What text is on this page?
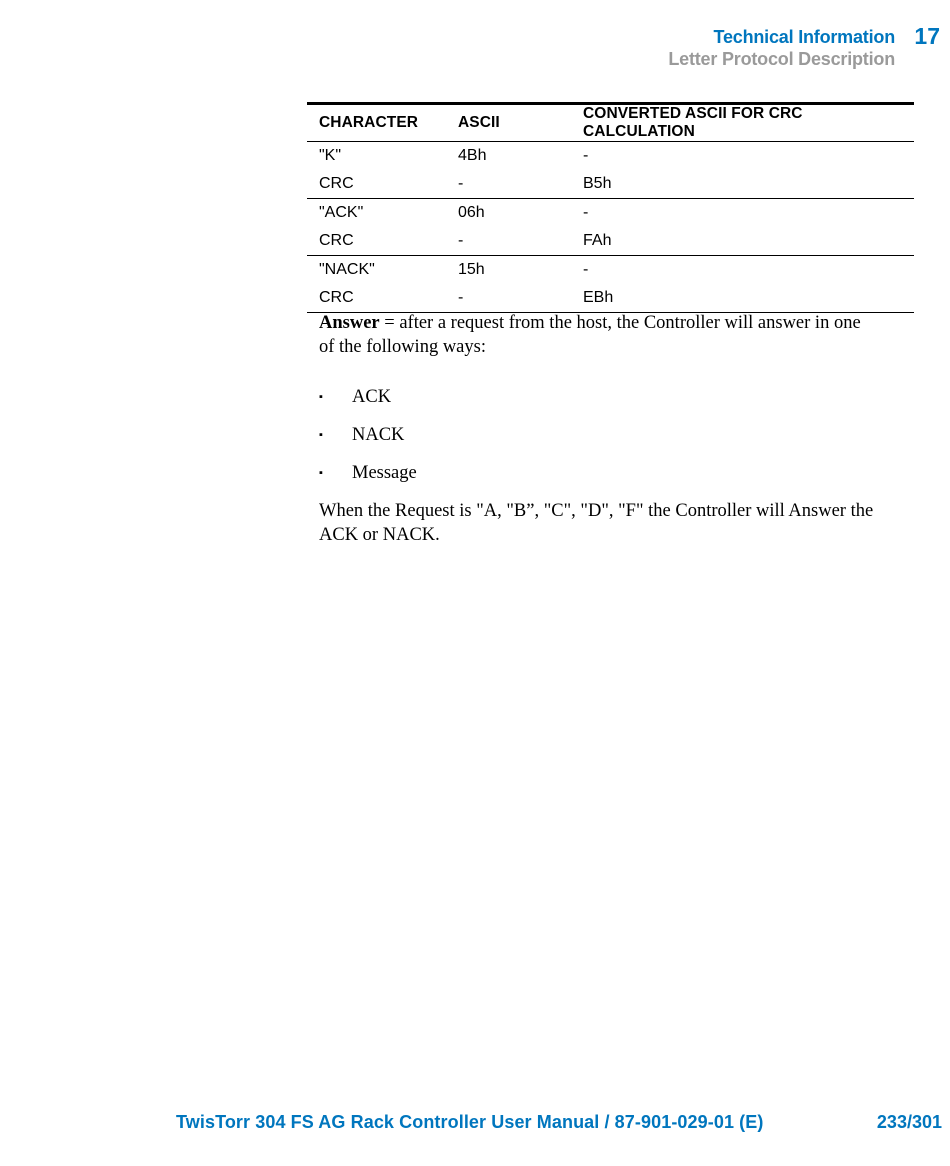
Technical Information 17
Letter Protocol Description
CHARACTER	ASCII	CONVERTED ASCII FOR CRC CALCULATION
"K"	4Bh	-
CRC	-	B5h
"ACK"	06h	-
CRC	-	FAh
"NACK"	15h	-
CRC	-	EBh

Answer = after a request from the host, the Controller will answer in one of the following ways:

▪ ACK
▪ NACK
▪ Message

When the Request is "A, "B”, "C", "D", "F" the Controller will Answer the ACK or NACK.

TwisTorr 304 FS AG Rack Controller User Manual / 87-901-029-01 (E)	233/301
